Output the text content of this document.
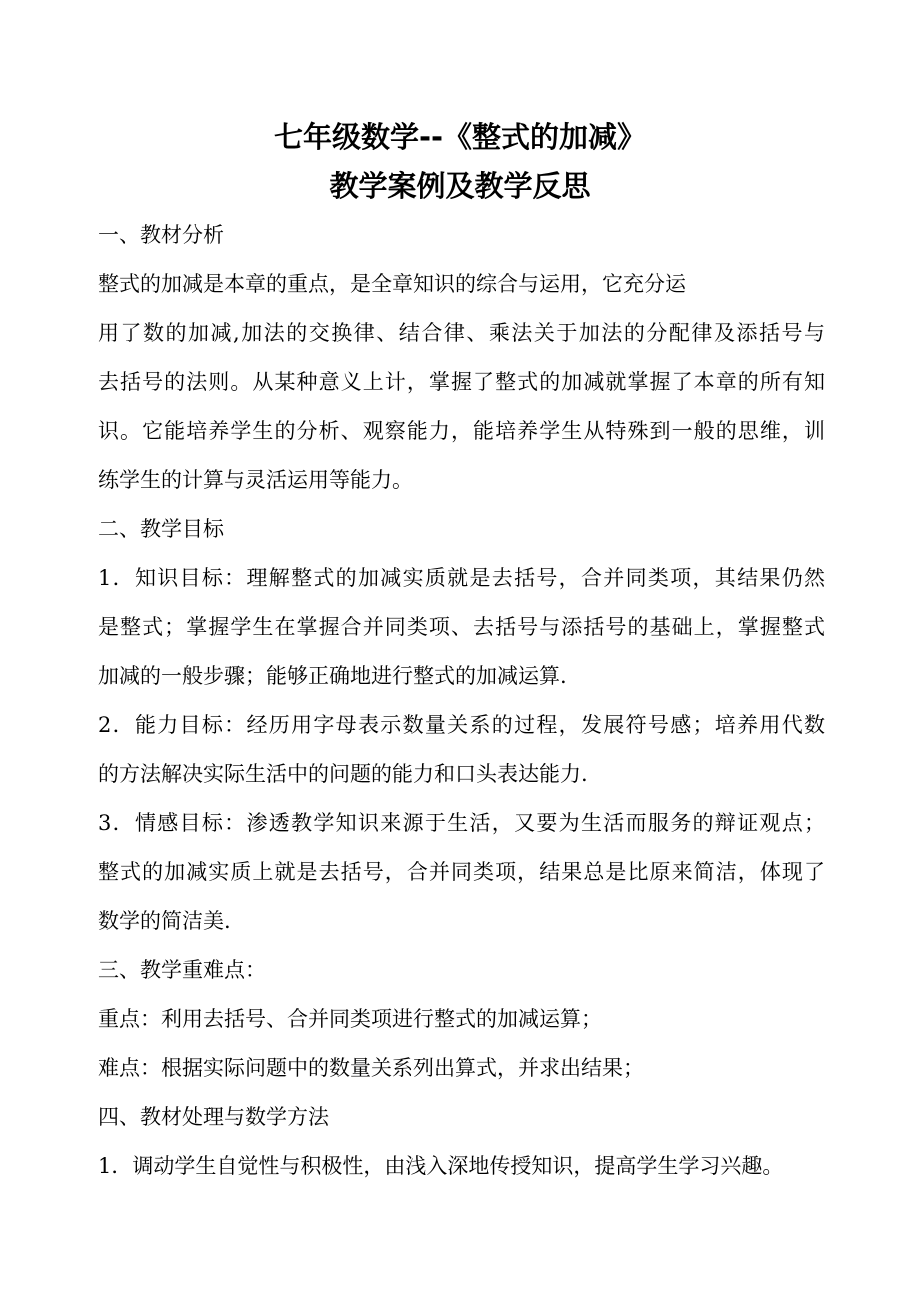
七年级数学--《整式的加减》
教学案例及教学反思

一、教材分析

整式的加减是本章的重点，是全章知识的综合与运用，它充分运

用了数的加减,加法的交换律、结合律、乘法关于加法的分配律及添括号与

去括号的法则。从某种意义上计，掌握了整式的加减就掌握了本章的所有知

识。它能培养学生的分析、观察能力，能培养学生从特殊到一般的思维，训

练学生的计算与灵活运用等能力。

二、教学目标

1．知识目标：理解整式的加减实质就是去括号，合并同类项，其结果仍然

是整式；掌握学生在掌握合并同类项、去括号与添括号的基础上，掌握整式

加减的一般步骤；能够正确地进行整式的加减运算.

2．能力目标：经历用字母表示数量关系的过程，发展符号感；培养用代数

的方法解决实际生活中的问题的能力和口头表达能力.

3．情感目标：渗透教学知识来源于生活，又要为生活而服务的辩证观点；

整式的加减实质上就是去括号，合并同类项，结果总是比原来简洁，体现了

数学的简洁美.

三、教学重难点：

重点：利用去括号、合并同类项进行整式的加减运算；

难点：根据实际问题中的数量关系列出算式，并求出结果；

四、教材处理与数学方法

1．调动学生自觉性与积极性，由浅入深地传授知识，提高学生学习兴趣。
